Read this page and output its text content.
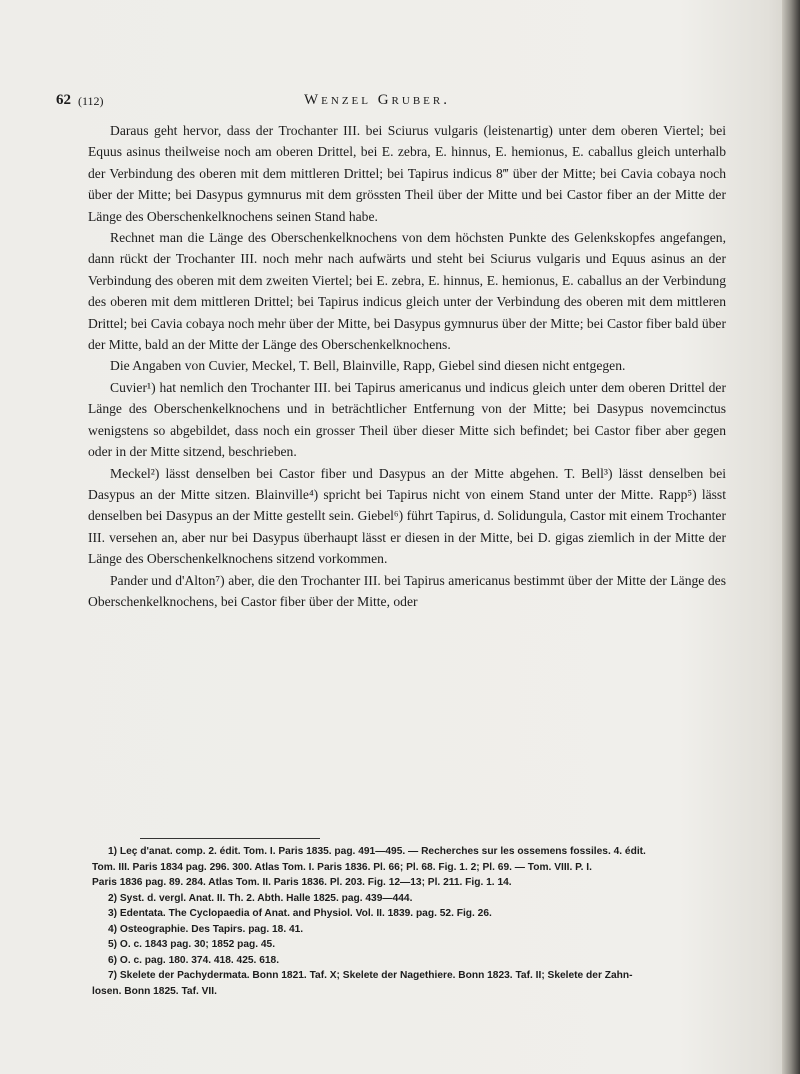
62 (112)	Wenzel Gruber.

Daraus geht hervor, dass der Trochanter III. bei Sciurus vulgaris (leistenartig) unter dem oberen Viertel; bei Equus asinus theilweise noch am oberen Drittel, bei E. zebra, E. hinnus, E. hemionus, E. caballus gleich unterhalb der Verbindung des oberen mit dem mittleren Drittel; bei Tapirus indicus 8‴ über der Mitte; bei Cavia cobaya noch über der Mitte; bei Dasypus gymnurus mit dem grössten Theil über der Mitte und bei Castor fiber an der Mitte der Länge des Oberschenkelknochens seinen Stand habe.

Rechnet man die Länge des Oberschenkelknochens von dem höchsten Punkte des Gelenkskopfes angefangen, dann rückt der Trochanter III. noch mehr nach aufwärts und steht bei Sciurus vulgaris und Equus asinus an der Verbindung des oberen mit dem zweiten Viertel; bei E. zebra, E. hinnus, E. hemionus, E. caballus an der Verbindung des oberen mit dem mittleren Drittel; bei Tapirus indicus gleich unter der Verbindung des oberen mit dem mittleren Drittel; bei Cavia cobaya noch mehr über der Mitte, bei Dasypus gymnurus über der Mitte; bei Castor fiber bald über der Mitte, bald an der Mitte der Länge des Oberschenkelknochens.

Die Angaben von Cuvier, Meckel, T. Bell, Blainville, Rapp, Giebel sind diesen nicht entgegen.

Cuvier¹) hat nemlich den Trochanter III. bei Tapirus americanus und indicus gleich unter dem oberen Drittel der Länge des Oberschenkelknochens und in beträchtlicher Entfernung von der Mitte; bei Dasypus novemcinctus wenigstens so abgebildet, dass noch ein grosser Theil über dieser Mitte sich befindet; bei Castor fiber aber gegen oder in der Mitte sitzend, beschrieben.

Meckel²) lässt denselben bei Castor fiber und Dasypus an der Mitte abgehen. T. Bell³) lässt denselben bei Dasypus an der Mitte sitzen. Blainville⁴) spricht bei Tapirus nicht von einem Stand unter der Mitte. Rapp⁵) lässt denselben bei Dasypus an der Mitte gestellt sein. Giebel⁶) führt Tapirus, d. Solidungula, Castor mit einem Trochanter III. versehen an, aber nur bei Dasypus überhaupt lässt er diesen in der Mitte, bei D. gigas ziemlich in der Mitte der Länge des Oberschenkelknochens sitzend vorkommen.

Pander und d'Alton⁷) aber, die den Trochanter III. bei Tapirus americanus bestimmt über der Mitte der Länge des Oberschenkelknochens, bei Castor fiber über der Mitte, oder

1) Leç d'anat. comp. 2. édit. Tom. I. Paris 1835. pag. 491—495. — Recherches sur les ossemens fossiles. 4. édit.
Tom. III. Paris 1834 pag. 296. 300. Atlas Tom. I. Paris 1836. Pl. 66; Pl. 68. Fig. 1. 2; Pl. 69. — Tom. VIII. P. I.
Paris 1836 pag. 89. 284. Atlas Tom. II. Paris 1836. Pl. 203. Fig. 12—13; Pl. 211. Fig. 1. 14.
2) Syst. d. vergl. Anat. II. Th. 2. Abth. Halle 1825. pag. 439—444.
3) Edentata. The Cyclopaedia of Anat. and Physiol. Vol. II. 1839. pag. 52. Fig. 26.
4) Osteographie. Des Tapirs. pag. 18. 41.
5) O. c. 1843 pag. 30; 1852 pag. 45.
6) O. c. pag. 180. 374. 418. 425. 618.
7) Skelete der Pachydermata. Bonn 1821. Taf. X; Skelete der Nagethiere. Bonn 1823. Taf. II; Skelete der Zahn-
losen. Bonn 1825. Taf. VII.
